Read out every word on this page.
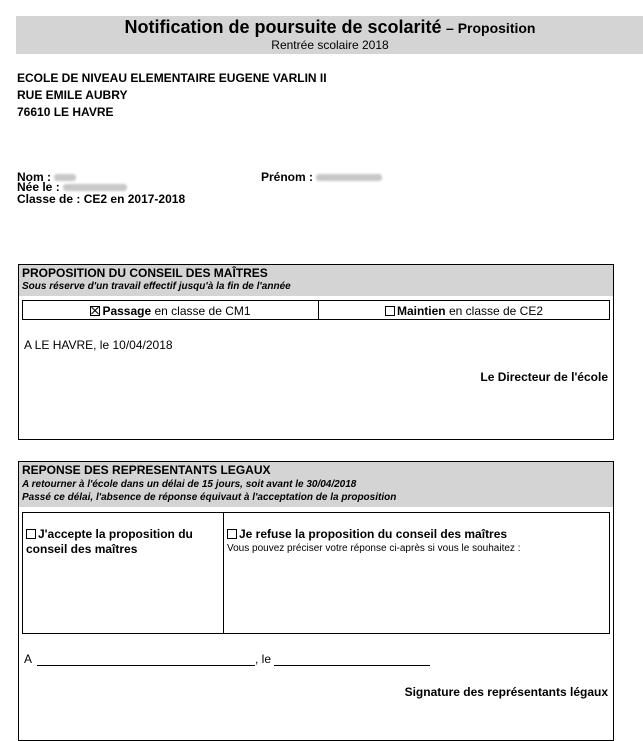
Notification de poursuite de scolarité – Proposition
Rentrée scolaire 2018
ECOLE DE NIVEAU ELEMENTAIRE EUGENE VARLIN II
RUE EMILE AUBRY
76610 LE HAVRE
Nom :	Prénom :
Née le :
Classe de : CE2 en 2017-2018
PROPOSITION DU CONSEIL DES MAÎTRES
Sous réserve d'un travail effectif jusqu'à la fin de l'année
Passage en classe de CM1	Maintien en classe de CE2
A LE HAVRE, le 10/04/2018
Le Directeur de l'école
REPONSE DES REPRESENTANTS LEGAUX
A retourner à l'école dans un délai de 15 jours, soit avant le 30/04/2018
Passé ce délai, l'absence de réponse équivaut à l'acceptation de la proposition
J'accepte la proposition du
conseil des maîtres
Je refuse la proposition du conseil des maîtres
Vous pouvez préciser votre réponse ci-après si vous le souhaitez :
A	, le
Signature des représentants légaux
